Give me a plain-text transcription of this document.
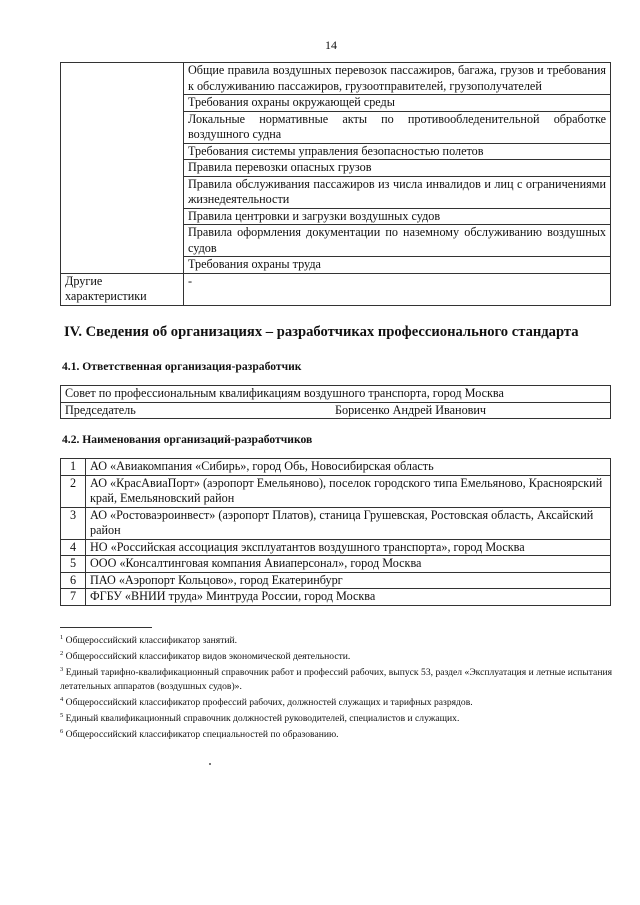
14
	Общие правила воздушных перевозок пассажиров, багажа, грузов и требования к обслуживанию пассажиров, грузоотправителей, грузополучателей
	Требования охраны окружающей среды
	Локальные нормативные акты по противообледенительной обработке воздушного судна
	Требования системы управления безопасностью полетов
	Правила перевозки опасных грузов
	Правила обслуживания пассажиров из числа инвалидов и лиц с ограничениями жизнедеятельности
	Правила центровки и загрузки воздушных судов
	Правила оформления документации по наземному обслуживанию воздушных судов
	Требования охраны труда
Другие характеристики	-
IV. Сведения об организациях – разработчиках профессионального стандарта
4.1. Ответственная организация-разработчик
Совет по профессиональным квалификациям воздушного транспорта, город Москва
Председатель	Борисенко Андрей Иванович
4.2. Наименования организаций-разработчиков
1	АО «Авиакомпания «Сибирь», город Обь, Новосибирская область
2	АО «КрасАвиаПорт» (аэропорт Емельяново), поселок городского типа Емельяново, Красноярский край, Емельяновский район
3	АО «Ростоваэроинвест» (аэропорт Платов), станица Грушевская, Ростовская область, Аксайский район
4	НО «Российская ассоциация эксплуатантов воздушного транспорта», город Москва
5	ООО «Консалтинговая компания Авиаперсонал», город Москва
6	ПАО «Аэропорт Кольцово», город Екатеринбург
7	ФГБУ «ВНИИ труда» Минтруда России, город Москва

$^1$ Общероссийский классификатор занятий.

$^2$ Общероссийский классификатор видов экономической деятельности.

$^3$ Единый тарифно-квалификационный справочник работ и профессий рабочих, выпуск 53, раздел «Эксплуатация и летные испытания летательных аппаратов (воздушных судов)».

$^4$ Общероссийский классификатор профессий рабочих, должностей служащих и тарифных разрядов.

$^5$ Единый квалификационный справочник должностей руководителей, специалистов и служащих.

$^6$ Общероссийский классификатор специальностей по образованию.
